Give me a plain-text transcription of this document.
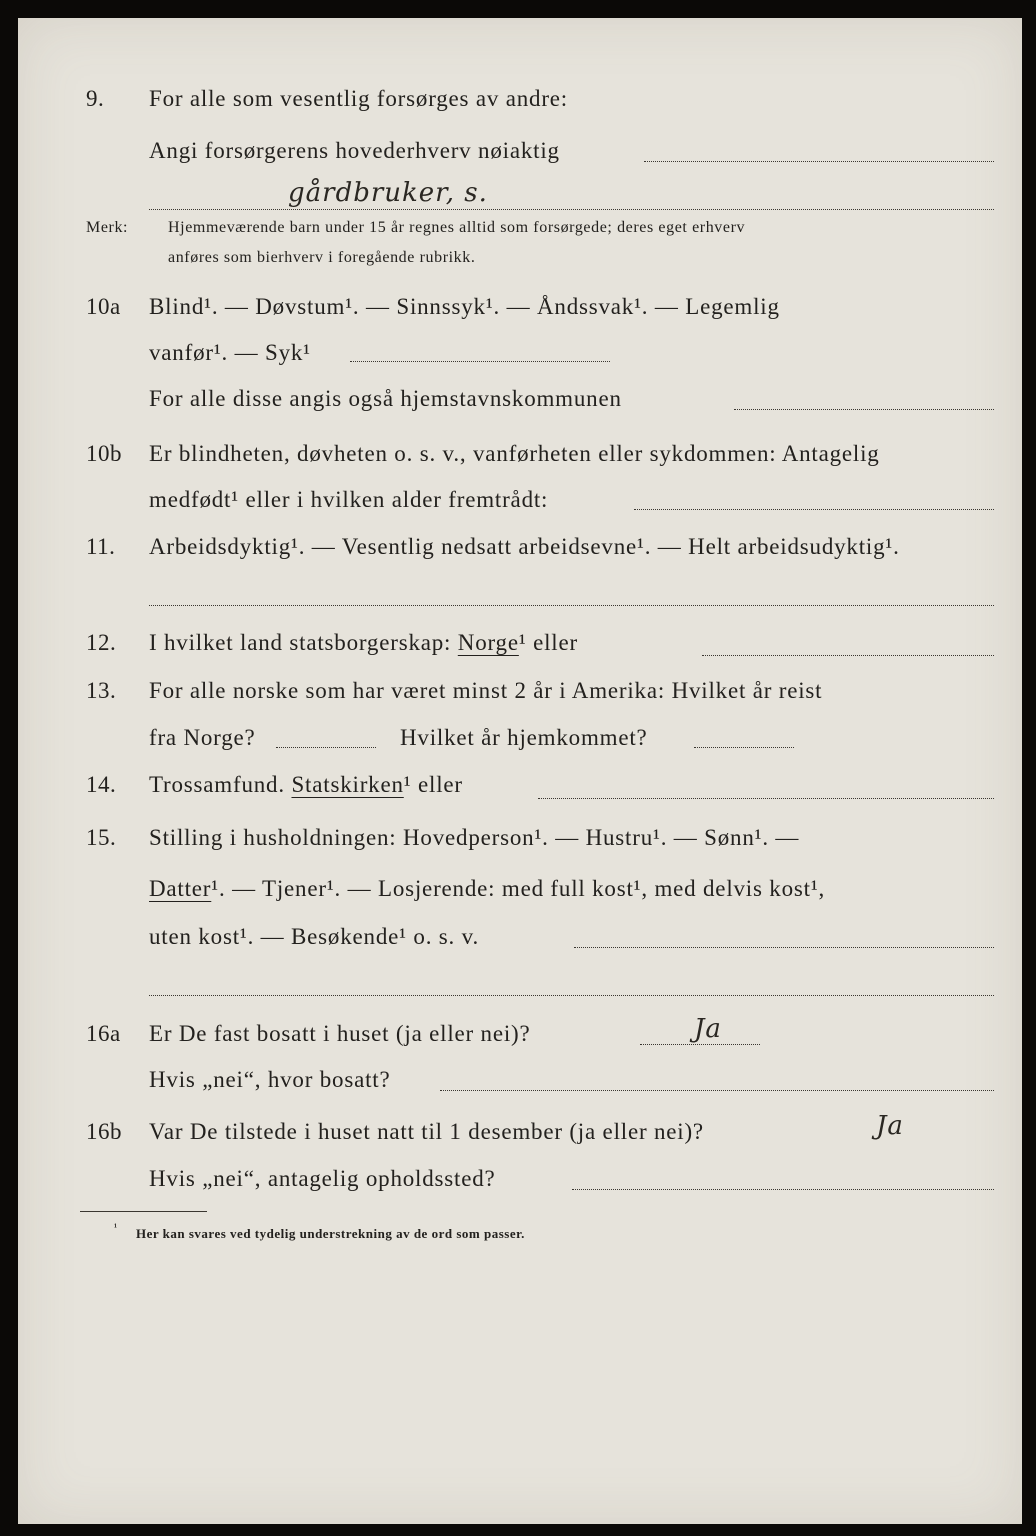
9. For alle som vesentlig forsørges av andre:
Angi forsørgerens hovederhverv nøiaktig
gårdbruker, s.
Merk: Hjemmeværende barn under 15 år regnes alltid som forsørgede; deres eget erhverv
anføres som bierhverv i foregående rubrikk.
10a Blind¹. — Døvstum¹. — Sinnssyk¹. — Åndssvak¹. — Legemlig
vanfør¹. — Syk¹
For alle disse angis også hjemstavnskommunen
10b Er blindheten, døvheten o. s. v., vanførheten eller sykdommen: Antagelig
medfødt¹ eller i hvilken alder fremtrådt:
11. Arbeidsdyktig¹. — Vesentlig nedsatt arbeidsevne¹. — Helt arbeidsudyktig¹.
12. I hvilket land statsborgerskap: Norge¹ eller
13. For alle norske som har været minst 2 år i Amerika: Hvilket år reist
fra Norge?	Hvilket år hjemkommet?
14. Trossamfund. Statskirken¹ eller
15. Stilling i husholdningen: Hovedperson¹. — Hustru¹. — Sønn¹. —
Datter¹. — Tjener¹. — Losjerende: med full kost¹, med delvis kost¹,
uten kost¹. — Besøkende¹ o. s. v.
16a Er De fast bosatt i huset (ja eller nei)?	Ja
Hvis „nei“, hvor bosatt?
16b Var De tilstede i huset natt til 1 desember (ja eller nei)?	Ja
Hvis „nei“, antagelig opholdssted?
¹ Her kan svares ved tydelig understrekning av de ord som passer.
